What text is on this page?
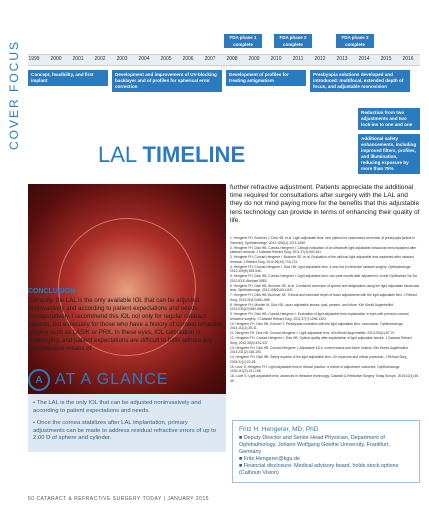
COVER FOCUS
FDA phase 1 complete
FDA phase 2 complete
FDA phase 3 complete
1999 2000 2001 2002 2003 2004 2005 2006 2007 2008 2009 2010 2011 2012 2013 2014 2015 2016
Concept, feasibility, and first implant
Development and improvement of UV-blocking backlayer and of profiles for spherical error correction
Development of profiles for treating astigmatism
Presbyopia solutions developed and introduced: multifocal, extended depth of focus, and adjustable monovision
Reduction from two adjustments and two lock-ins to one and one
Additional safety enhancements, including improved filters, profiles, and illumination, reducing exposure by more than 75%
LAL TIMELINE
CONCLUSION

Currently, the LAL is the only available IOL that can be adjusted noninvasively and according to patient expectations and needs postoperatively. I recommend this IOL not only for regular cataract patients, but especially for those who have a history of corneal refractive surgery such as LASIK or PRK. In these eyes, IOL calculation is challenging, and patient expectations are difficult to fulfill without any postoperative means of

further refractive adjustment. Patients appreciate the additional time required for consultations after surgery with the LAL and they do not mind paying more for the benefits that this adjustable lens technology can provide in terms of enhancing their quality of life.

1. Hengerer FH, Buchner J, Dick HB, et al. Light adjustable lens: new options for customized correction of presbyopia [article in German]. Ophthalmologe. 2012;109(11):1074-1080.
2. Hengerer FH, Dick HB, Conrad-Hengerer I. Clinical evaluation of an ultraviolet light adjustable intraocular lens implanted after cataract removal. J Cataract Refract Surg. 2011;37(4):600-611.
3. Hengerer FH, Conrad-Hengerer I, Buchner SE, et al. Evaluation of the calhoun light adjustable lens implanted after cataract removal. J Refract Surg. 2010;26(10):716-721.
4. Hengerer FH, Conrad-Hengerer I, Dick HB. Light adjustable lens, a new era in refractive cataract surgery. Ophthalmologe. 2012;109(6):539-546.
5. Hengerer FH, Dick HB, Conrad-Hengerer I. Light adjustable lens: one-year results after adjustment. Invest Ophthalmol Vis Sci. 2012;53:E-Abstract 5583.
6. Hengerer FH, Dick HB, Buchner SE, et al. Combined correction of sphere and astigmatism using the light adjustable intraocular lens. Ophthalmologe. 2011;108(9):841-847.
7. Hengerer FH, Dick HB, Buchner SE. Trifocal and extended depth of focus adjustments with the light-adjustable lens. J Refract Surg. 2014;30(10):681-685.
8. Hengerer FH, Mueller M, Dick HB. Laser adjustable lenses: past, present, and future. Klin Monbl Augenheilkd. 2013;230(10):982-988.
9. Hengerer FH, Dick HB, Conrad-Hengerer I. Evaluation of light adjustable lens implantation in eyes with previous corneal refractive surgery. J Cataract Refract Surg. 2011;37(7):1296-1303.
10. Hengerer FH, Dick HB, Kohnen T. Presbyopia correction with the light adjustable lens: monovision. Ophthalmologe. 2014;111(1):35-41.
11. Hengerer FH, Dick HB, Conrad-Hengerer I. Light adjustable lens. Klin Monbl Augenheilkd. 2013;230(1):67-70.
12. Hengerer FH, Conrad-Hengerer I, Dick HB. Optical quality after implantation of light adjustable lenses. J Cataract Refract Surg. 2012;38(3):431-437.
13. Hengerer FH, Dick HB, Conrad-Hengerer I. Adjustable IOLs: current status and future outlook. Klin Monbl Augenheilkd. 2014;231(2):146-150.
14. Hengerer FH, Dick HB. Safety aspects of the light adjustable lens: UV exposure and retinal protection. J Refract Surg. 2015;31(1):22-28.
15. Lenz S, Hengerer FH. Light adjustable lens in clinical practice: a review of adjustment outcomes. Ophthalmologe. 2015;112(2):101-108.
16. Lowe S. Light adjustable lens: advances in refractive technology. Cataract & Refractive Surgery Today Europe. 2015;10(1):45-49.
A AT A GLANCE

• The LAL is the only IOL that can be adjusted noninvasively and according to patient expectations and needs.

• Once the cornea stabilizes after LAL implantation, primary adjustments can be made to address residual refractive errors of up to 2.00 D of sphere and cylinder.

Fritz H. Hengerer, MD, PhD

■ Deputy Director and Senior Head Physician, Department of Ophthalmology, Johann Wolfgang Goethe University, Frankfurt, Germany

■ Fritz.Hengerer@kgu.de

■ Financial disclosure: Medical advisory board, holds stock options (Calhoun Vision)

50 CATARACT & REFRACTIVE SURGERY TODAY | JANUARY 2015
